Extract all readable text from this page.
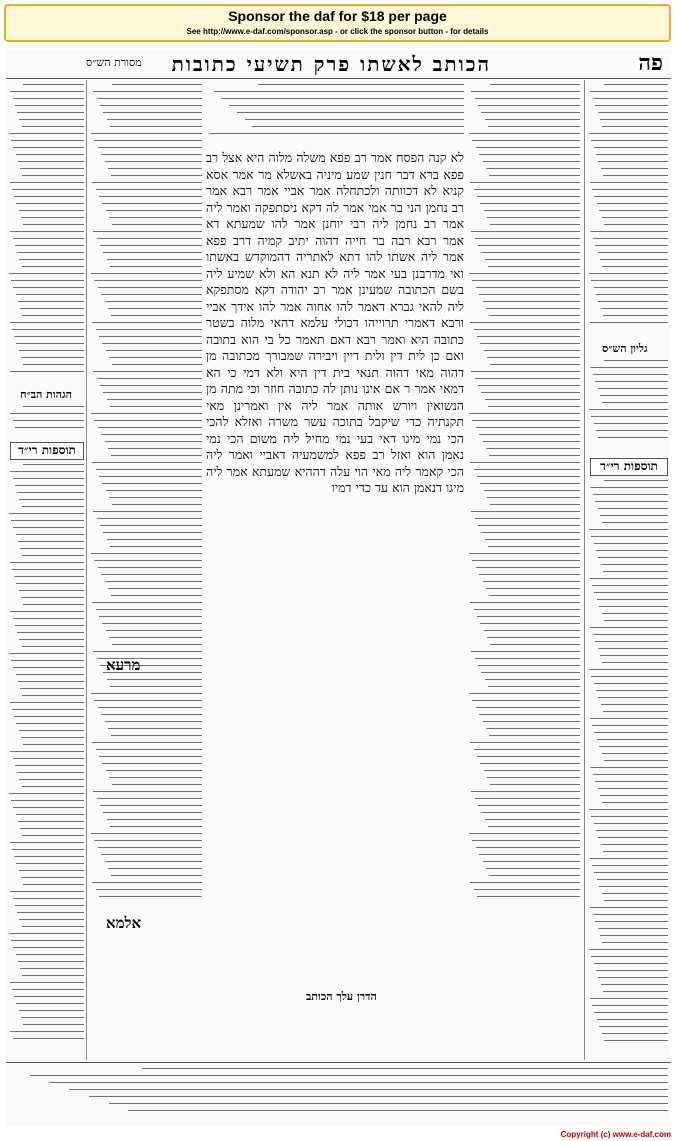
Sponsor the daf for $18 per page
See http://www.e-daf.com/sponsor.asp - or click the sponsor button - for details
פה
הכותב לאשתו פרק תשיעי כתובות
מסורת הש״ס
הגהות הב״ח
תוספות רי״ד
מרעא
אלמא
לא קנה הפסח אמר רב פפא משלה מלוה היא אצל רב פפא ברא דבר חנין שמע מיניה באשלא מר אמר אסא קניא לא דכוותה ולכתחלה אמר אביי אמר רבא אמר רב נחמן הני בר אמי אמר לה דקא ניסתפקה ואמר ליה אמר רב נחמן ליה רבי יוחנן אמר להו שמעתא דא אמר רבא רבה בר חייה דהוה יתיב קמיה דרב פפא אמר ליה אשתו להו דתא לאתריה דהמוקדש באשתו ואי מדרבנן בעי אמר ליה לא תנא הא ולא שמיע ליה בשם הכתובה שמעינן אמר רב יהודה דקא מסתפקא ליה להאי גברא דאמר להו אחוה אמר להו אידך אביי ורבא דאמרי תרוייהו דכולי עלמא דהאי מלוה בשטר כתובה היא ואמר רבא דאם תאמר כל בי הוא בתובה ואם כן לית דין ולית דיין ויבירה שמבורך מכתובה מן דהוה מאי דהוה תנאי בית דין היא ולא דמי כי הא דמאי אמר ר אם אינו נותן לה כתובה חוזר וכי מתה מן הנשואין ויורש אותה אמר ליה אין ואמרינן מאי תקנתיה כדי שיקבל בתוכה עשר משרה ואזלא להכי הכי נמי מיגו דאי בעי נמי מחיל ליה משום הכי נמי נאמן הוא ואזל רב פפא למשמעיה דאביי ואמר ליה הכי קאמר ליה מאי הוי עלה דההיא שמעתא אמר ליה מיגו דנאמן הוא עד כדי דמיו
הדרן עלך הכותב
גליון הש״ס
תוספות רי״ד
Copyright (c) www.e-daf.com
